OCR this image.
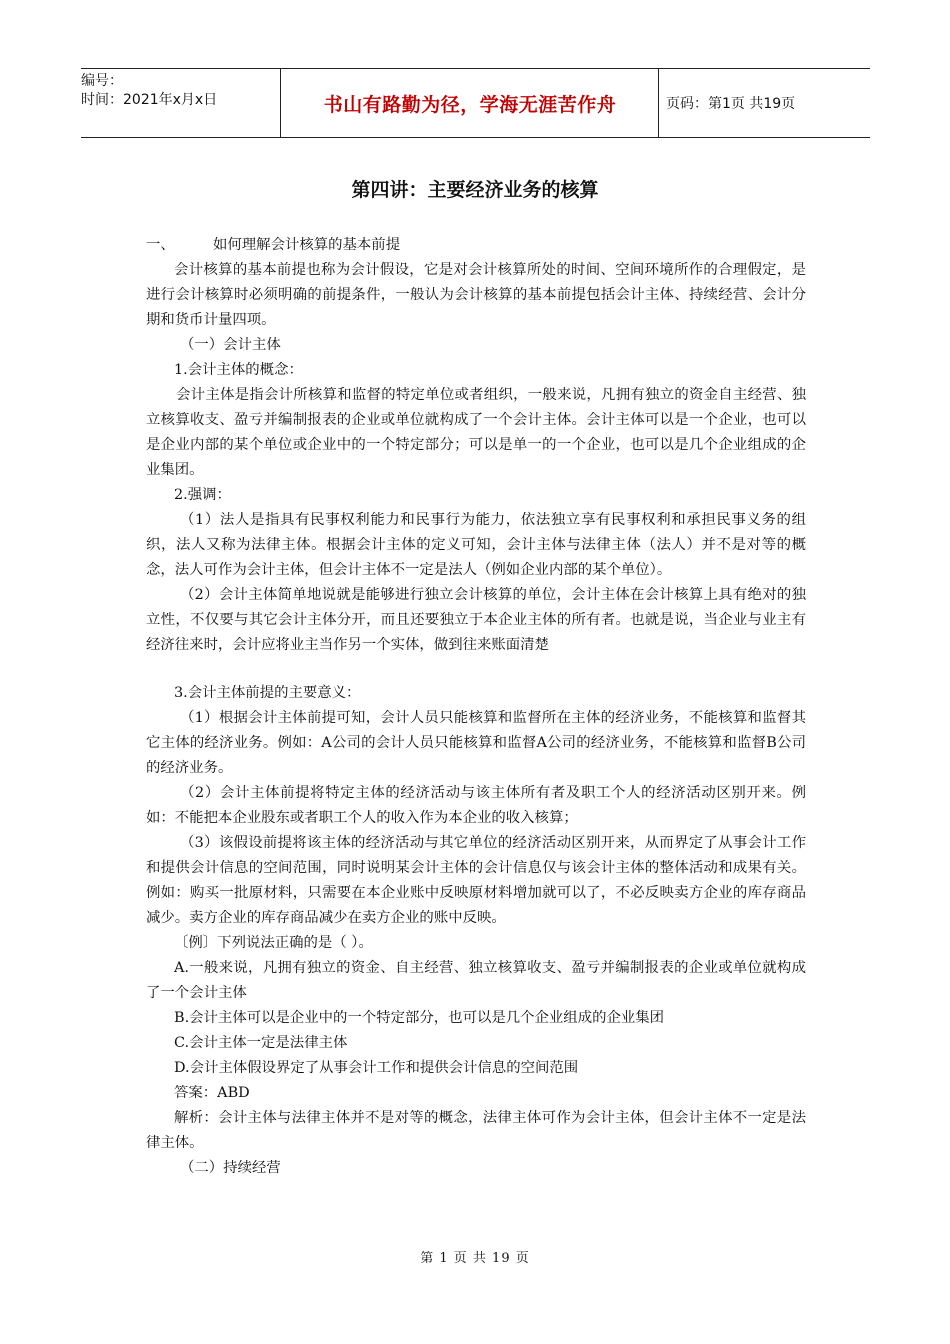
编号：
时间：2021年x月x日	书山有路勤为径，学海无涯苦作舟	页码：第1页 共19页
第四讲：主要经济业务的核算

一、	如何理解会计核算的基本前提

会计核算的基本前提也称为会计假设，它是对会计核算所处的时间、空间环境所作的合理假定，是进行会计核算时必须明确的前提条件，一般认为会计核算的基本前提包括会计主体、持续经营、会计分期和货币计量四项。

（一）会计主体

1.会计主体的概念：

会计主体是指会计所核算和监督的特定单位或者组织，一般来说，凡拥有独立的资金自主经营、独立核算收支、盈亏并编制报表的企业或单位就构成了一个会计主体。会计主体可以是一个企业，也可以是企业内部的某个单位或企业中的一个特定部分；可以是单一的一个企业，也可以是几个企业组成的企业集团。

2.强调：

（1）法人是指具有民事权利能力和民事行为能力，依法独立享有民事权利和承担民事义务的组织，法人又称为法律主体。根据会计主体的定义可知，会计主体与法律主体（法人）并不是对等的概念，法人可作为会计主体，但会计主体不一定是法人（例如企业内部的某个单位）。

（2）会计主体简单地说就是能够进行独立会计核算的单位，会计主体在会计核算上具有绝对的独立性，不仅要与其它会计主体分开，而且还要独立于本企业主体的所有者。也就是说，当企业与业主有经济往来时，会计应将业主当作另一个实体，做到往来账面清楚

3.会计主体前提的主要意义：

（1）根据会计主体前提可知，会计人员只能核算和监督所在主体的经济业务，不能核算和监督其它主体的经济业务。例如：A公司的会计人员只能核算和监督A公司的经济业务，不能核算和监督B公司的经济业务。

（2）会计主体前提将特定主体的经济活动与该主体所有者及职工个人的经济活动区别开来。例如：不能把本企业股东或者职工个人的收入作为本企业的收入核算；

（3）该假设前提将该主体的经济活动与其它单位的经济活动区别开来，从而界定了从事会计工作和提供会计信息的空间范围，同时说明某会计主体的会计信息仅与该会计主体的整体活动和成果有关。例如：购买一批原材料，只需要在本企业账中反映原材料增加就可以了，不必反映卖方企业的库存商品减少。卖方企业的库存商品减少在卖方企业的账中反映。

〔例〕下列说法正确的是（ ）。

A.一般来说，凡拥有独立的资金、自主经营、独立核算收支、盈亏并编制报表的企业或单位就构成了一个会计主体

B.会计主体可以是企业中的一个特定部分，也可以是几个企业组成的企业集团

C.会计主体一定是法律主体

D.会计主体假设界定了从事会计工作和提供会计信息的空间范围

答案：ABD

解析：会计主体与法律主体并不是对等的概念，法律主体可作为会计主体，但会计主体不一定是法律主体。

（二）持续经营

第 1 页 共 19 页
